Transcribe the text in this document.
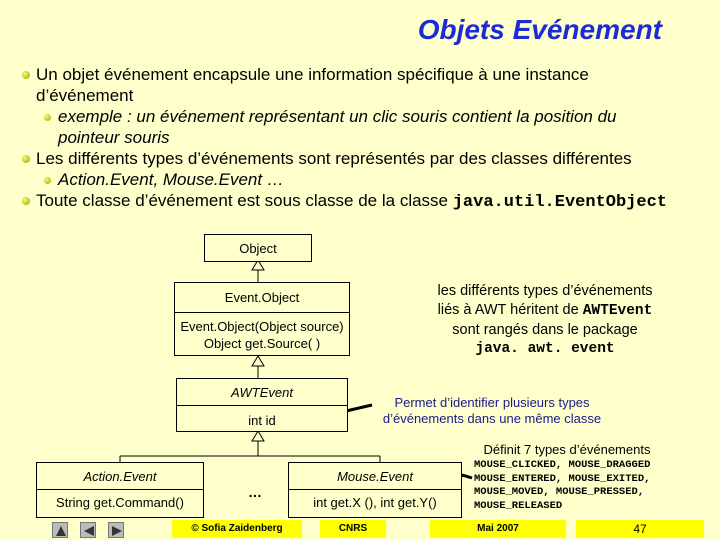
Objets Evénement
Un objet événement encapsule une information spécifique à une instance
d’événement
exemple : un événement représentant un clic souris contient la position du
pointeur souris
Les différents types d’événements sont représentés par des classes différentes
Action.Event, Mouse.Event …
Toute classe d’événement est sous classe de la classe java.util.EventObject
Object
Event.Object
Event.Object(Object source)
Object get.Source( )
AWTEvent
int id
Action.Event
String get.Command()
Mouse.Event
int get.X (), int get.Y()
…
les différents types d’événements
liés à AWT héritent de AWTEvent
sont rangés dans le package
java. awt. event
Permet d’identifier plusieurs types
d’événements dans une même classe
Définit 7 types d’événements
MOUSE_CLICKED, MOUSE_DRAGGED
MOUSE_ENTERED, MOUSE_EXITED,
MOUSE_MOVED, MOUSE_PRESSED,
MOUSE_RELEASED
© Sofia Zaidenberg	CNRS	Mai 2007	47
